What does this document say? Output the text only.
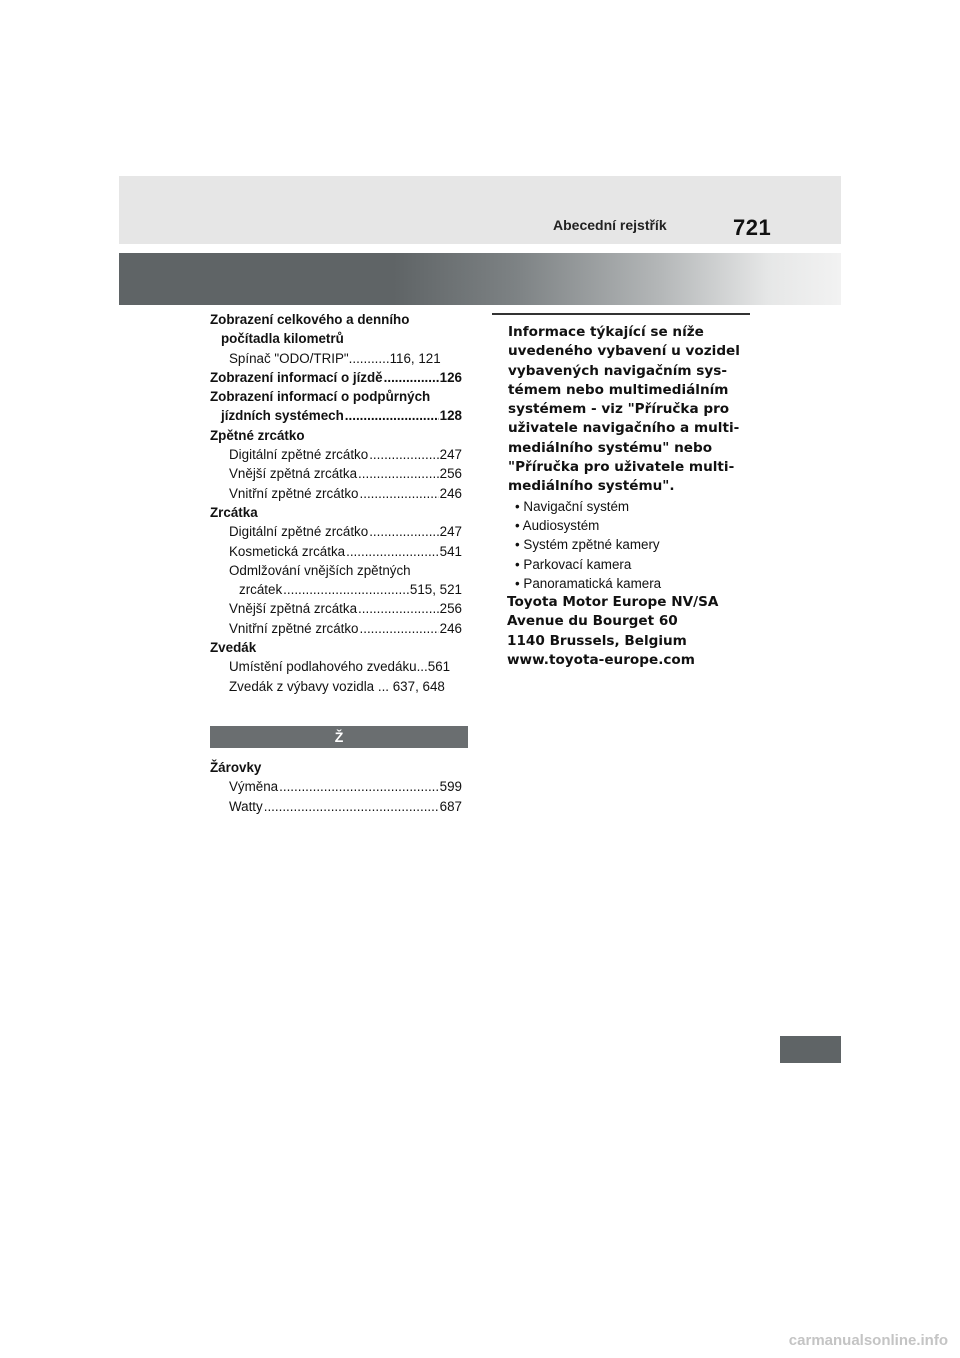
Abecední rejstřík	721
Zobrazení celkového a denního
počítadla kilometrů
Spínač "ODO/TRIP"...........116, 121
Zobrazení informací o jízdě .....	126
Zobrazení informací o podpůrných
jízdních systémech .....	128
Zpětné zrcátko
Digitální zpětné zrcátko .....	247
Vnější zpětná zrcátka .....	256
Vnitřní zpětné zrcátko .....	246
Zrcátka
Digitální zpětné zrcátko .....	247
Kosmetická zrcátka .....	541
Odmlžování vnějších zpětných
zrcátek .....	515, 521
Vnější zpětná zrcátka .....	256
Vnitřní zpětné zrcátko .....	246
Zvedák
Umístění podlahového zvedáku...561
Zvedák z výbavy vozidla ... 637, 648
Ž
Žárovky
Výměna .....	599
Watty .....	687
Informace týkající se níže
uvedeného vybavení u vozidel
vybavených navigačním sys-
témem nebo multimediálním
systémem - viz "Příručka pro
uživatele navigačního a multi-
mediálního systému" nebo
"Příručka pro uživatele multi-
mediálního systému".
• Navigační systém
• Audiosystém
• Systém zpětné kamery
• Parkovací kamera
• Panoramatická kamera
Toyota Motor Europe NV/SA
Avenue du Bourget 60
1140 Brussels, Belgium
www.toyota-europe.com
carmanualsonline.info
